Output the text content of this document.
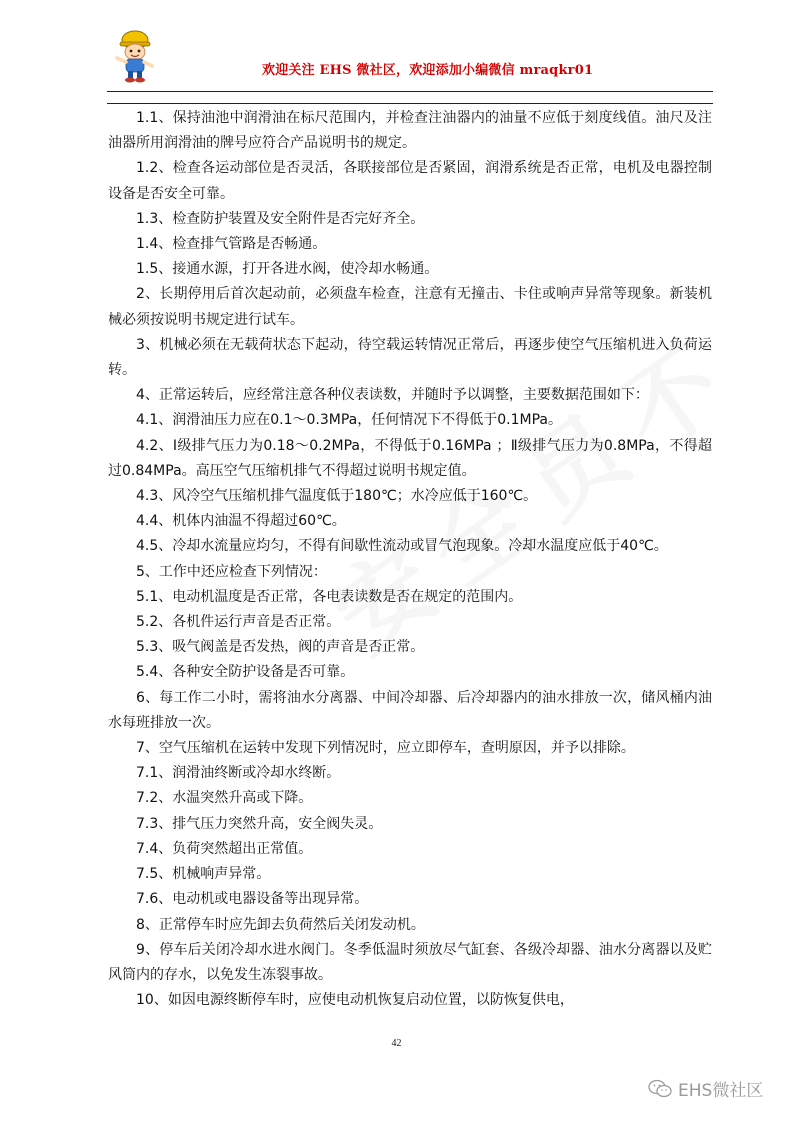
欢迎关注 EHS 微社区，欢迎添加小编微信 mraqkr01

1.1、保持油池中润滑油在标尺范围内，并检查注油器内的油量不应低于刻度线值。油尺及注油器所用润滑油的牌号应符合产品说明书的规定。

1.2、检查各运动部位是否灵活，各联接部位是否紧固，润滑系统是否正常，电机及电器控制设备是否安全可靠。

1.3、检查防护装置及安全附件是否完好齐全。

1.4、检查排气管路是否畅通。

1.5、接通水源，打开各进水阀，使冷却水畅通。

2、长期停用后首次起动前，必须盘车检查，注意有无撞击、卡住或响声异常等现象。新装机械必须按说明书规定进行试车。

3、机械必须在无载荷状态下起动，待空载运转情况正常后，再逐步使空气压缩机进入负荷运转。

4、正常运转后，应经常注意各种仪表读数，并随时予以调整，主要数据范围如下：

4.1、润滑油压力应在0.1～0.3MPa，任何情况下不得低于0.1MPa。

4.2、Ⅰ级排气压力为0.18～0.2MPa，不得低于0.16MPa ；Ⅱ级排气压力为0.8MPa，不得超过0.84MPa。高压空气压缩机排气不得超过说明书规定值。

4.3、风冷空气压缩机排气温度低于180℃；水冷应低于160℃。

4.4、机体内油温不得超过60℃。

4.5、冷却水流量应均匀，不得有间歇性流动或冒气泡现象。冷却水温度应低于40℃。

5、工作中还应检查下列情况：

5.1、电动机温度是否正常，各电表读数是否在规定的范围内。

5.2、各机件运行声音是否正常。

5.3、吸气阀盖是否发热，阀的声音是否正常。

5.4、各种安全防护设备是否可靠。

6、每工作二小时，需将油水分离器、中间冷却器、后冷却器内的油水排放一次，储风桶内油水每班排放一次。

7、空气压缩机在运转中发现下列情况时，应立即停车，查明原因，并予以排除。

7.1、润滑油终断或冷却水终断。

7.2、水温突然升高或下降。

7.3、排气压力突然升高，安全阀失灵。

7.4、负荷突然超出正常值。

7.5、机械响声异常。

7.6、电动机或电器设备等出现异常。

8、正常停车时应先卸去负荷然后关闭发动机。

9、停车后关闭冷却水进水阀门。冬季低温时须放尽气缸套、各级冷却器、油水分离器以及贮风筒内的存水，以免发生冻裂事故。

10、如因电源终断停车时，应使电动机恢复启动位置，以防恢复供电，

42
EHS微社区
